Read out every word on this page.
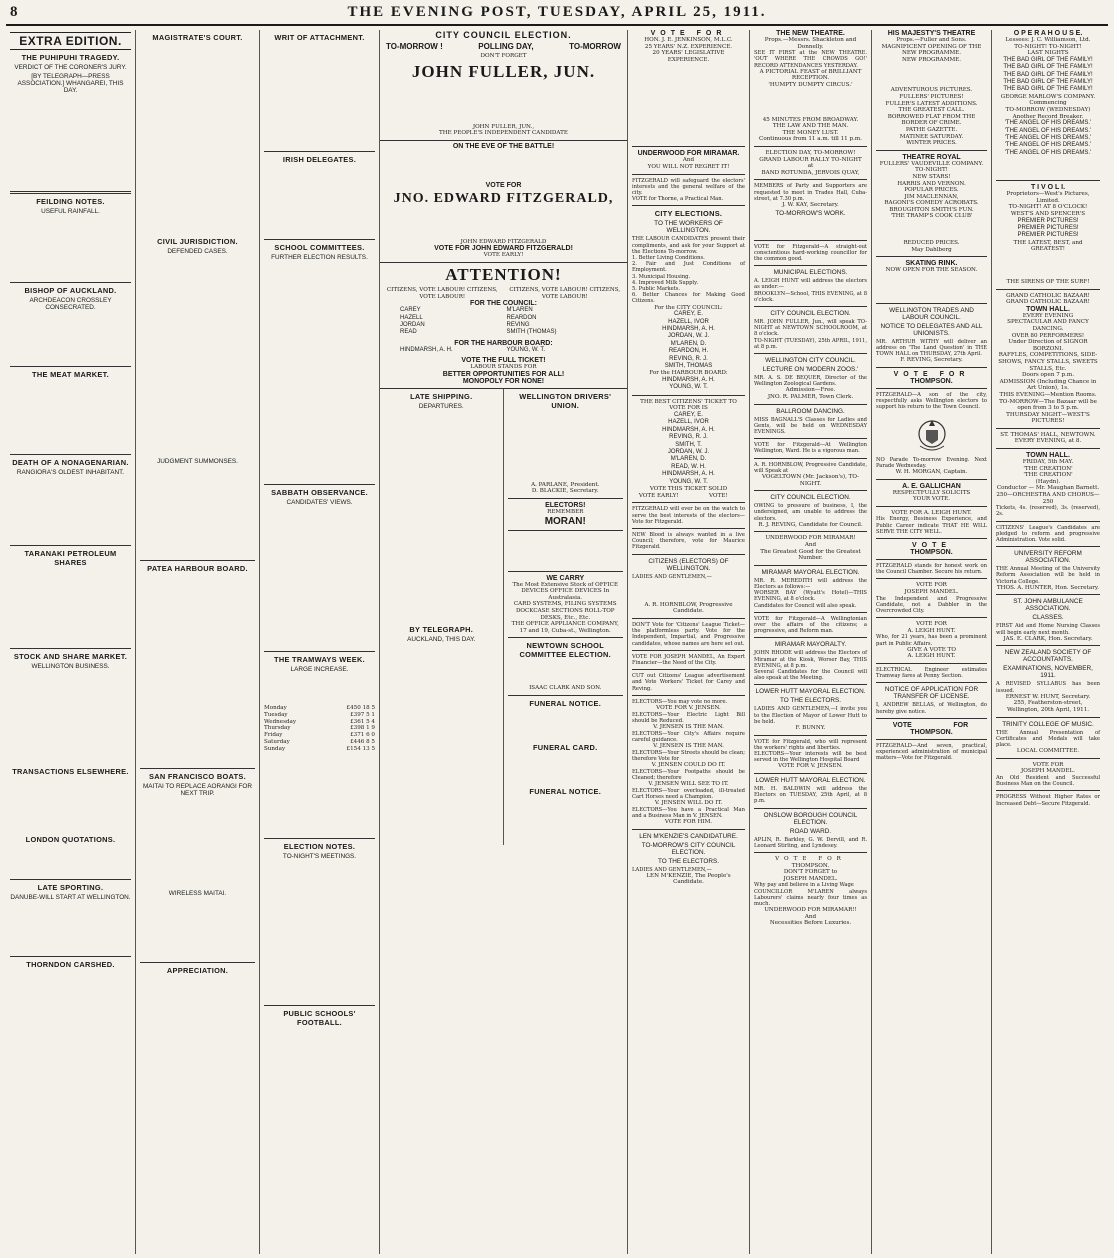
8	THE EVENING POST, TUESDAY, APRIL 25, 1911.
EXTRA EDITION.
THE PUHIPUHI TRAGEDY.
VERDICT OF THE CORONER'S JURY.
[BY TELEGRAPH—PRESS ASSOCIATION.] WHANGAREI, THIS DAY.
FEILDING NOTES.
USEFUL RAINFALL.
BISHOP OF AUCKLAND.
ARCHDEACON CROSSLEY CONSECRATED.
THE MEAT MARKET.
DEATH OF A NONAGENARIAN.
RANGIORA'S OLDEST INHABITANT.
TARANAKI PETROLEUM SHARES
STOCK AND SHARE MARKET.
WELLINGTON BUSINESS.
TRANSACTIONS ELSEWHERE.
LONDON QUOTATIONS.
LATE SPORTING.
DANUBE-WILL START AT WELLINGTON.
THORNDON CARSHED.
MAGISTRATE'S COURT.
CIVIL JURISDICTION.
DEFENDED CASES.
JUDGMENT SUMMONSES.
PATEA HARBOUR BOARD.
SAN FRANCISCO BOATS.
MAITAI TO REPLACE AORANGI FOR NEXT TRIP.
WIRELESS MAITAI.
APPRECIATION.
WRIT OF ATTACHMENT.
IRISH DELEGATES.
SCHOOL COMMITTEES.
FURTHER ELECTION RESULTS.
SABBATH OBSERVANCE.
CANDIDATES' VIEWS.
THE TRAMWAYS WEEK.
LARGE INCREASE.
Monday	£450 18 5
Tuesday	£397 5 1
Wednesday	£361 5 4
Thursday	£398 1 9
Friday	£371 6 0
Saturday	£446 8 5
Sunday	£154 13 5
ELECTION NOTES.
TO-NIGHT'S MEETINGS.
PUBLIC SCHOOLS' FOOTBALL.
CITY COUNCIL ELECTION.
TO-MORROW !	POLLING DAY,	TO-MORROW
DON'T FORGET
JOHN FULLER, JUN.
JOHN FULLER, JUN.,
THE PEOPLE'S INDEPENDENT CANDIDATE
ON THE EVE OF THE BATTLE!
VOTE FOR
JNO. EDWARD FITZGERALD,
JOHN EDWARD FITZGERALD
VOTE FOR JOHN EDWARD FITZGERALD!
VOTE EARLY!
ATTENTION!
CITIZENS, VOTE LABOUR! CITIZENS, VOTE LABOUR!
CITIZENS, VOTE LABOUR! CITIZENS, VOTE LABOUR!
FOR THE COUNCIL:
CAREY
HAZELL
JORDAN
READ
M'LAREN
REARDON
REVING
SMITH (THOMAS)
FOR THE HARBOUR BOARD:
HINDMARSH, A. H.	YOUNG, W. T.
VOTE THE FULL TICKET!
LABOUR STANDS FOR
BETTER OPPORTUNITIES FOR ALL!
MONOPOLY FOR NONE!
LATE SHIPPING.
DEPARTURES.
BY TELEGRAPH.
AUCKLAND, THIS DAY.
WELLINGTON DRIVERS' UNION.
A. PARLANE, President.
D. BLACKIE, Secretary.
ELECTORS!
REMEMBER
MORAN!
WE CARRY
The Most Extensive Stock of OFFICE DEVICES OFFICE DEVICES In Australasia.
CARD SYSTEMS, FILING SYSTEMS DOCKCASE SECTIONS ROLL-TOP DESKS, Etc., Etc.
THE OFFICE APPLIANCE COMPANY, 17 and 19, Cuba-st., Wellington.
NEWTOWN SCHOOL COMMITTEE ELECTION.
ISAAC CLARK AND SON.
FUNERAL NOTICE.
FUNERAL CARD.
FUNERAL NOTICE.
VOTE FOR
HON. J. E. JENKINSON, M.L.C.
25 YEARS' N.Z. EXPERIENCE.
20 YEARS' LEGISLATIVE EXPERIENCE.
UNDERWOOD FOR MIRAMAR.
And
YOU WILL NOT REGRET IT!
FITZGERALD will safeguard the electors' interests and the general welfare of the city.
VOTE for Thorne, a Practical Man.
CITY ELECTIONS.
TO THE WORKERS OF WELLINGTON.
THE LABOUR CANDIDATES present their compliments, and ask for your Support at the Elections To-morrow.
1. Better Living Conditions.
2. Fair and Just Conditions of Employment.
3. Municipal Housing.
4. Improved Milk Supply.
5. Public Markets.
6. Better Chances for Making Good Citizens.
For the CITY COUNCIL:
CAREY, E.
HAZELL, IVOR
HINDMARSH, A. H.
JORDAN, W. J.
M'LAREN, D.
REARDON, H.
REVING, R. J.
SMITH, THOMAS
For the HARBOUR BOARD:
HINDMARSH, A. H.
YOUNG, W. T.
THE BEST CITIZENS' TICKET TO VOTE FOR IS
CAREY, E.
HAZELL, IVOR
HINDMARSH, A. H.
REVING, R. J.
SMITH, T.
JORDAN, W. J.
M'LAREN, D.
READ, W. H.
HINDMARSH, A. H.
YOUNG, W. T.
VOTE THIS TICKET SOLID
VOTE EARLY!	VOTE!
FITZGERALD will ever be on the watch to serve the best interests of the electors—Vote for Fitzgerald.
NEW Blood is always wanted in a live Council; therefore, vote for Maurice Fitzgerald.
CITIZENS (ELECTORS) OF WELLINGTON.
LADIES AND GENTLEMEN,—
A. R. HORNBLOW, Progressive Candidate.
DON'T Vote for 'Citizens' League Ticket—the platformless party. Vote for the Independent, Impartial, and Progressive candidates, whose names are here set out.
VOTE FOR JOSEPH MANDEL, An Expert Financier—the Need of the City.
CUT out Citizens' League advertisement and Vote Workers' Ticket for Carey and Reving.
ELECTORS—You may vote no more.
VOTE FOR V. JENSEN.
ELECTORS—Your Electric Light Bill should be Reduced.
V. JENSEN IS THE MAN.
ELECTORS—Your City's Affairs require careful guidance.
V. JENSEN IS THE MAN.
ELECTORS—Your Streets should be clean; therefore Vote for
V. JENSEN COULD DO IT.
ELECTORS—Your Footpaths should be Cleaned; therefore
V. JENSEN WILL SEE TO IT.
ELECTORS—Your overloaded, ill-treated Cart Horses need a Champion.
V. JENSEN WILL DO IT.
ELECTORS—You have a Practical Man and a Business Man in V. JENSEN.
VOTE FOR HIM.
LEN M'KENZIE'S CANDIDATURE.
TO-MORROW'S CITY COUNCIL ELECTION.
TO THE ELECTORS.
LADIES AND GENTLEMEN,—
LEN M'KENZIE, The People's Candidate.
THE NEW THEATRE.
Props.—Messrs. Shackleton and Donnelly.
SEE IT FIRST at the NEW THEATRE. 'OUT WHERE THE CROWDS GO!' RECORD ATTENDANCES YESTERDAY.
A PICTORIAL FEAST of BRILLIANT RECEPTION.
'HUMPTY DUMPTY CIRCUS.'
45 MINUTES FROM BROADWAY.
THE LAW AND THE MAN.
THE MONEY LUST.
Continuous from 11 a.m. till 11 p.m.
ELECTION DAY, TO-MORROW!
GRAND LABOUR RALLY TO-NIGHT
at
BAND ROTUNDA, JERVOIS QUAY,
MEMBERS of Party and Supporters are requested to meet in Trades Hall, Cuba-street, at 7.30 p.m.
J. W. KAY, Secretary.
TO-MORROW'S WORK.
VOTE for Fitzgerald—A straight-out conscientious hard-working councillor for the common good.
MUNICIPAL ELECTIONS.
A. LEIGH HUNT will address the electors as under:—
BROOKLYN—School, THIS EVENING, at 8 o'clock.
CITY COUNCIL ELECTION.
MR. JOHN FULLER, Jun., will speak TO-NIGHT at NEWTOWN SCHOOLROOM, at 8 o'clock.
TO-NIGHT (TUESDAY), 25th APRIL, 1911, at 8 p.m.
WELLINGTON CITY COUNCIL.
LECTURE ON 'MODERN ZOOS.'
MR. A. S. DE BEQUER, Director of the Wellington Zoological Gardens.
Admission—Free.
JNO. R. PALMER, Town Clerk.
BALLROOM DANCING.
MISS BAGNALL'S Classes for Ladies and Gents, will be held on WEDNESDAY EVENINGS.
VOTE for Fitzgerald—At Wellington Wellington, Ward. He is a vigorous man.
A. R. HORNBLOW, Progressive Candidate, will Speak at
VOGELTOWN (Mr. Jackson's), TO-NIGHT.
CITY COUNCIL ELECTION.
OWING to pressure of business, I, the undersigned, am unable to address the electors.
R. J. REVING, Candidate for Council.
UNDERWOOD FOR MIRAMAR!
And
The Greatest Good for the Greatest Number.
MIRAMAR MAYORAL ELECTION.
MR. R. MEREDITH will address the Electors as follows:—
WORSER BAY (Wyatt's Hotel)—THIS EVENING, at 8 o'clock.
Candidates for Council will also speak.
VOTE for Fitzgerald—A Wellingtonian over the affairs of the citizens; a progressive, and Reform man.
MIRAMAR MAYORALTY.
JOHN RHODE will address the Electors of Miramar at the Kiosk, Worser Bay, THIS EVENING, at 8 p.m.
Several Candidates for the Council will also speak at the Meeting.
LOWER HUTT MAYORAL ELECTION.
TO THE ELECTORS.
LADIES AND GENTLEMEN,—I invite you to the Election of Mayor of Lower Hutt to be held.
F. BUNNY.
VOTE for Fitzgerald, who will represent the workers' rights and liberties.
ELECTORS—Your interests will be best served in the Wellington Hospital Board
VOTE FOR V. JENSEN.
LOWER HUTT MAYORAL ELECTION.
MR. H. BALDWIN will address the Electors on TUESDAY, 25th April, at 8 p.m.
ONSLOW BOROUGH COUNCIL ELECTION.
ROAD WARD.
APLIN, R. Barkley, G. W. Dervill, and R. Leonard Stirling, and Lyndesey.
VOTE FOR
THOMPSON.
DON'T FORGET to
JOSEPH MANDEL.
Why pay and believe in a Living Wage
COUNCILLOR M'LAREN always Labourers' claims nearly four times as much.
UNDERWOOD FOR MIRAMAR!!
And
Necessities Before Luxuries.
HIS MAJESTY'S THEATRE
Props.—Fuller and Sons.
MAGNIFICENT OPENING OF THE NEW PROGRAMME.
NEW PROGRAMME.
ADVENTUROUS PICTURES.
FULLERS' PICTURES!
FULLER'S LATEST ADDITIONS.
THE GREATEST CALL.
BORROWED FLAT FROM THE BORDER OF CRIME.
PATHE GAZETTE.
MATINEE SATURDAY.
WINTER PRICES.
THEATRE ROYAL
FULLERS' VAUDEVILLE COMPANY.
TO-NIGHT!
NEW STARS!
HARRIS AND VERNON.
POPULAR PRICES.
JIM MACLENNAN,
RAGONI'S COMEDY ACROBATS.
BROUGHTON SMITH'S FUN.
'THE TRAMP'S COOK CLUB'
REDUCED PRICES.
May Dahlberg
SKATING RINK.
NOW OPEN FOR THE SEASON.
WELLINGTON TRADES AND LABOUR COUNCIL.
NOTICE TO DELEGATES AND ALL UNIONISTS.
MR. ARTHUR WITHY will deliver an address on 'The Land Question' in THE TOWN HALL on THURSDAY, 27th April.
F. REVING, Secretary.
VOTE FOR
THOMPSON.
FITZGERALD—A son of the city, respectfully asks Wellington electors to support his return to the Town Council.
NO Parade To-morrow Evening. Next Parade Wednesday.
W. H. MORGAN, Captain.
A. E. GALLICHAN
RESPECTFULLY SOLICITS
YOUR VOTE.
VOTE FOR A. LEIGH HUNT.
His Energy, Business Experience, and Public Career indicate THAT HE WILL SERVE THE CITY WELL.
VOTE
THOMPSON.
FITZGERALD stands for honest work on the Council Chamber. Secure his return.
VOTE FOR
JOSEPH MANDEL.
The Independent and Progressive Candidate, not a Dabbler in the Overcrowded City.
VOTE FOR
A. LEIGH HUNT.
Who, for 21 years, has been a prominent part in Public Affairs.
GIVE A VOTE TO
A. LEIGH HUNT.
ELECTRICAL Engineer estimates Tramway fares at Penny Section.
NOTICE OF APPLICATION FOR TRANSFER OF LICENSE.
I, ANDREW BELLAS, of Wellington, do hereby give notice.
VOTE	FOR
THOMPSON.
FITZGERALD—And seven, practical, experienced administration of municipal matters—Vote for Fitzgerald.
O P E R A H O U S E.
Lessees: J. C. Williamson, Ltd.
TO-NIGHT! TO-NIGHT!
LAST NIGHTS
THE BAD GIRL OF THE FAMILY!
THE BAD GIRL OF THE FAMILY!
THE BAD GIRL OF THE FAMILY!
THE BAD GIRL OF THE FAMILY!
THE BAD GIRL OF THE FAMILY!
GEORGE MARLOW'S COMPANY.
Commencing
TO-MORROW (WEDNESDAY)
Another Record Breaker.
'THE ANGEL OF HIS DREAMS.'
'THE ANGEL OF HIS DREAMS.'
'THE ANGEL OF HIS DREAMS.'
'THE ANGEL OF HIS DREAMS.'
'THE ANGEL OF HIS DREAMS.'
T I V O L I.
Proprietors—West's Pictures, Limited.
TO-NIGHT! AT 8 O'CLOCK!
WEST'S AND SPENCER'S
PREMIER PICTURES!
PREMIER PICTURES!
PREMIER PICTURES!
THE LATEST, BEST, and GREATEST!
THE SIRENS OF THE SURF!
GRAND CATHOLIC BAZAAR!
GRAND CATHOLIC BAZAAR!
TOWN HALL.
EVERY EVENING
SPECTACULAR AND FANCY DANCING.
OVER 80 PERFORMERS!
Under Direction of SIGNOR BORZONI.
RAFFLES, COMPETITIONS, SIDE-SHOWS, FANCY STALLS, SWEETS STALLS, Etc.
Doors open 7 p.m.
ADMISSION (Including Chance in Art Union), 1s.
THIS EVENING—Mention Rooms.
TO-MORROW—The Bazaar will be open from 3 to 5 p.m.
THURSDAY NIGHT—WEST'S PICTURES!
ST. THOMAS' HALL, NEWTOWN.
EVERY EVENING, at 8.
TOWN HALL.
FRIDAY, 5th MAY.
'THE CREATION'
'THE CREATION'
(Haydn).
Conductor — Mr. Maughan Barnett.
250—ORCHESTRA AND CHORUS—250
Tickets, 4s. (reserved), 3s. (reserved), 2s.
CITIZENS' League's Candidates are pledged to reform and progressive Administration. Vote solid.
UNIVERSITY REFORM ASSOCIATION.
THE Annual Meeting of the University Reform Association will be held in Victoria College.
THOS. A. HUNTER, Hon. Secretary.
ST. JOHN AMBULANCE ASSOCIATION.
CLASSES.
FIRST Aid and Home Nursing Classes will begin early next month.
JAS. E. CLARK, Hon. Secretary.
NEW ZEALAND SOCIETY OF ACCOUNTANTS.
EXAMINATIONS, NOVEMBER, 1911.
A REVISED SYLLABUS has been issued.
ERNEST W. HUNT, Secretary.
255, Featherston-street,
Wellington, 20th April, 1911.
TRINITY COLLEGE OF MUSIC.
THE Annual Presentation of Certificates and Medals will take place.
LOCAL COMMITTEE.
VOTE FOR
JOSEPH MANDEL.
An Old Resident and Successful Business Man on the Council.
PROGRESS Without Higher Rates or Increased Debt—Secure Fitzgerald.
